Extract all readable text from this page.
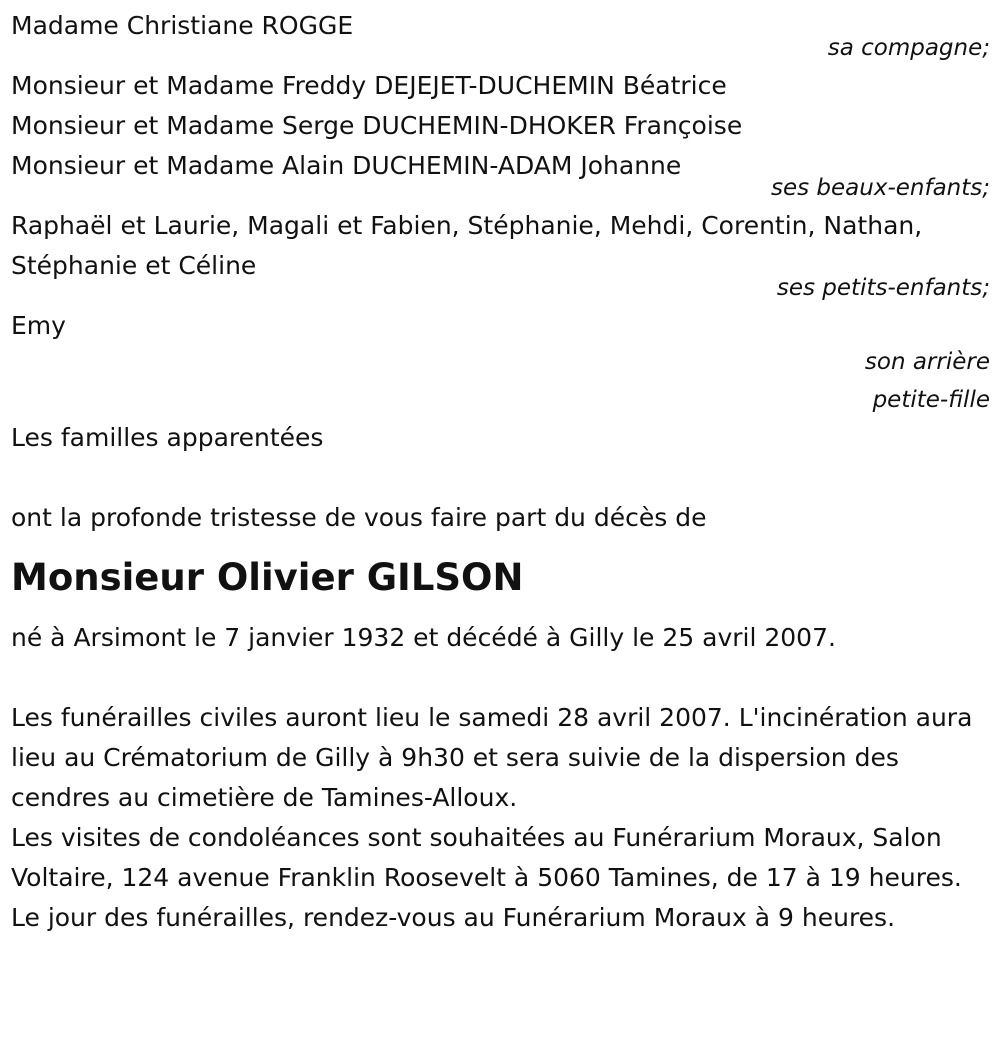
Madame Christiane ROGGE
sa compagne;
Monsieur et Madame Freddy DEJEJET-DUCHEMIN Béatrice
Monsieur et Madame Serge DUCHEMIN-DHOKER Françoise
Monsieur et Madame Alain DUCHEMIN-ADAM Johanne
ses beaux-enfants;
Raphaël et Laurie, Magali et Fabien, Stéphanie, Mehdi, Corentin, Nathan,
Stéphanie et Céline
ses petits-enfants;
Emy
son arrière
petite-fille
Les familles apparentées
ont la profonde tristesse de vous faire part du décès de
Monsieur Olivier GILSON
né à Arsimont le 7 janvier 1932 et décédé à Gilly le 25 avril 2007.
Les funérailles civiles auront lieu le samedi 28 avril 2007. L'incinération aura lieu au Crématorium de Gilly à 9h30 et sera suivie de la dispersion des cendres au cimetière de Tamines-Alloux.
Les visites de condoléances sont souhaitées au Funérarium Moraux, Salon Voltaire, 124 avenue Franklin Roosevelt à 5060 Tamines, de 17 à 19 heures.
Le jour des funérailles, rendez-vous au Funérarium Moraux à 9 heures.
